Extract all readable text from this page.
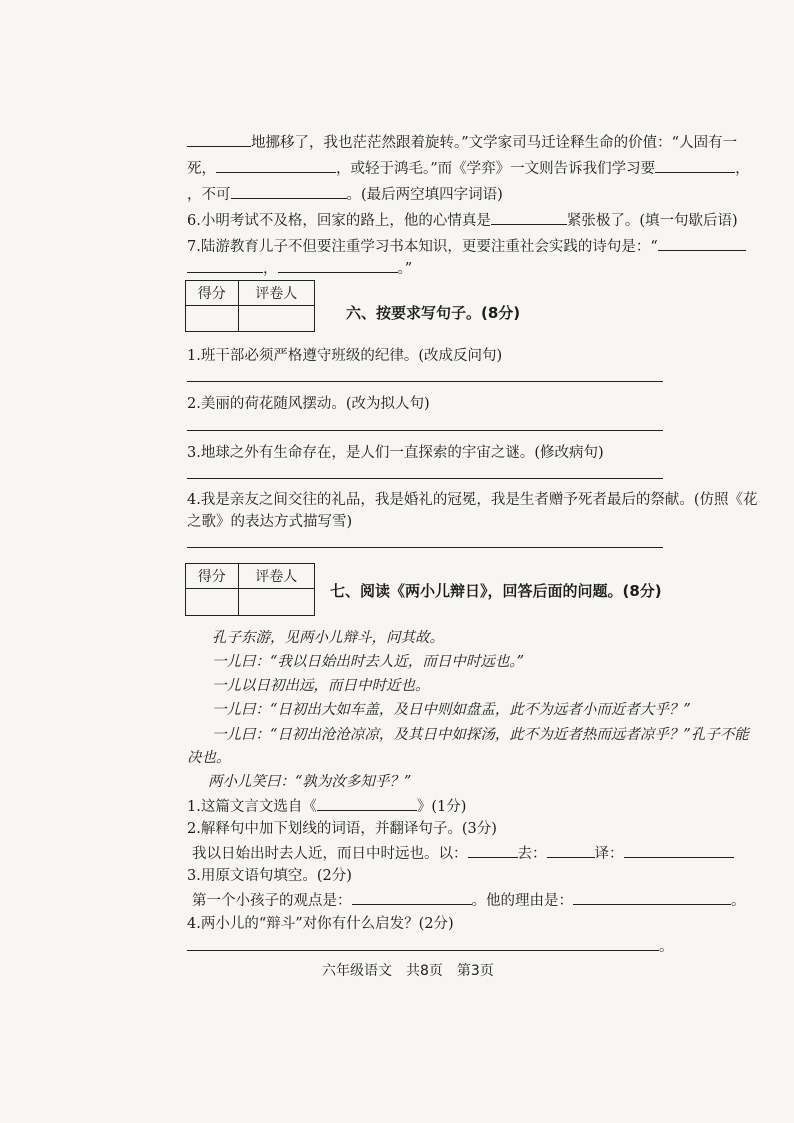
地挪移了，我也茫茫然跟着旋转。”文学家司马迁诠释生命的价值：“人固有一
死，	，或轻于鸿毛。”而《学弈》一文则告诉我们学习要	，
，不可	。(最后两空填四字词语)
6.小明考试不及格，回家的路上，他的心情真是	紧张极了。(填一句歇后语)
7.陆游教育儿子不但要注重学习书本知识，更要注重社会实践的诗句是：“
，	。”
得分	评卷人

六、按要求写句子。(8分)
1.班干部必须严格遵守班级的纪律。(改成反问句)
2.美丽的荷花随风摆动。(改为拟人句)
3.地球之外有生命存在，是人们一直探索的宇宙之谜。(修改病句)
4.我是亲友之间交往的礼品，我是婚礼的冠冕，我是生者赠予死者最后的祭献。(仿照《花
之歌》的表达方式描写雪)
得分	评卷人

七、阅读《两小儿辩日》，回答后面的问题。(8分)
孔子东游，见两小儿辩斗，问其故。
一儿曰：“我以日始出时去人近，而日中时远也。”
一儿以日初出远，而日中时近也。
一儿曰：“日初出大如车盖，及日中则如盘盂，此不为远者小而近者大乎？”
一儿曰：“日初出沧沧凉凉，及其日中如探汤，此不为近者热而远者凉乎？”孔子不能
决也。
两小儿笑曰：“孰为汝多知乎？”
1.这篇文言文选自《	》(1分)
2.解释句中加下划线的词语，并翻译句子。(3分)
我以日始出时去人近，而日中时远也。以：	去：	译：
3.用原文语句填空。(2分)
第一个小孩子的观点是：	。他的理由是：	。
4.两小儿的“辩斗”对你有什么启发？(2分)
。
六年级语文　共8页　第3页
